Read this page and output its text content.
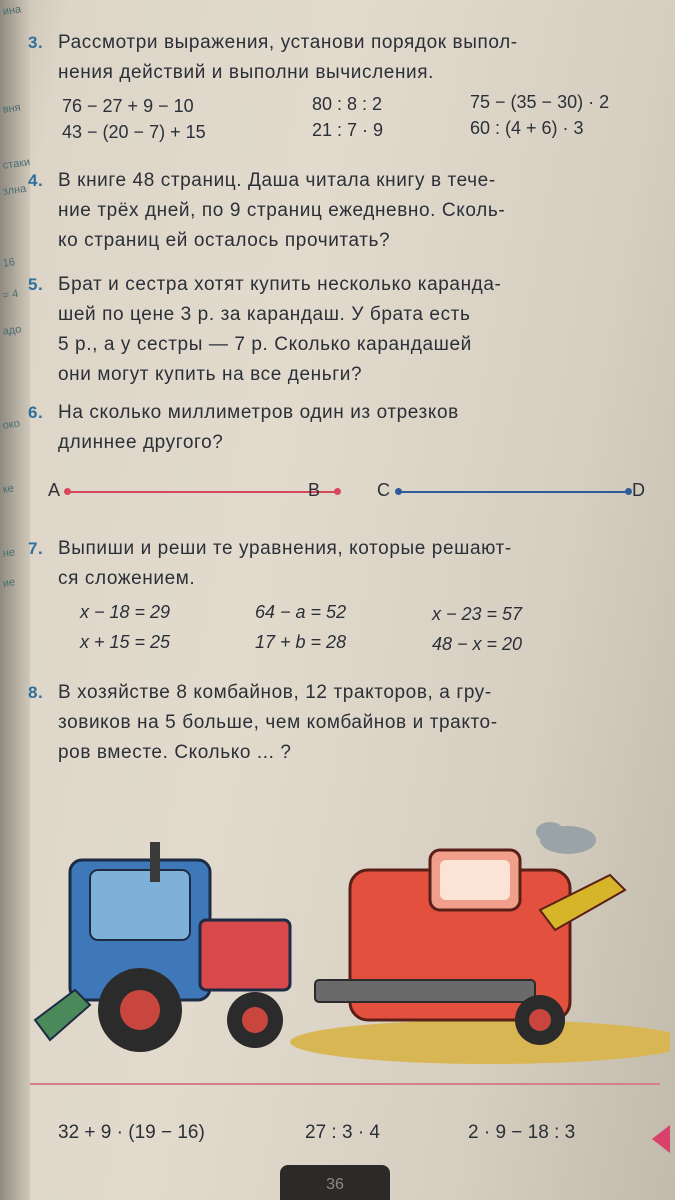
ина
вня
стаки
злна
16
= 4
адо
око
ке
не
ие
3. Рассмотри выражения, установи порядок выпол-
нения действий и выполни вычисления.
76 − 27 + 9 − 10	80 : 8 : 2	75 − (35 − 30) · 2
43 − (20 − 7) + 15	21 : 7 · 9	60 : (4 + 6) · 3
4. В книге 48 страниц. Даша читала книгу в тече-
ние трёх дней, по 9 страниц ежедневно. Сколь-
ко страниц ей осталось прочитать?
5. Брат и сестра хотят купить несколько каранда-
шей по цене 3 р. за карандаш. У брата есть
5 р., а у сестры — 7 р. Сколько карандашей
они могут купить на все деньги?
6. На сколько миллиметров один из отрезков
длиннее другого?
A	B	C	D
7. Выпиши и реши те уравнения, которые решают-
ся сложением.
x − 18 = 29	64 − a = 52	x − 23 = 57
x + 15 = 25	17 + b = 28	48 − x = 20
8. В хозяйстве 8 комбайнов, 12 тракторов, а гру-
зовиков на 5 больше, чем комбайнов и тракто-
ров вместе. Сколько ... ?
32 + 9 · (19 − 16)	27 : 3 · 4	2 · 9 − 18 : 3
36
